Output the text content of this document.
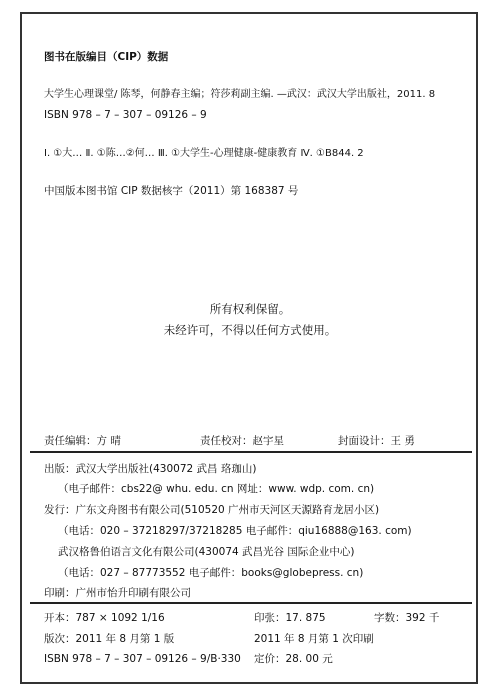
图书在版编目（CIP）数据
大学生心理课堂/ 陈琴，何静春主编；符莎莉副主编. —武汉：武汉大学出版社，2011. 8
ISBN 978 – 7 – 307 – 09126 – 9
Ⅰ. ①大… Ⅱ. ①陈…②何… Ⅲ. ①大学生-心理健康-健康教育 Ⅳ. ①B844. 2
中国版本图书馆 CIP 数据核字（2011）第 168387 号
所有权利保留。
未经许可，不得以任何方式使用。
责任编辑：方 晴	责任校对：赵宇星	封面设计：王 勇
出版：武汉大学出版社(430072 武昌 珞珈山)
（电子邮件：cbs22@ whu. edu. cn 网址：www. wdp. com. cn)
发行：广东文舟图书有限公司(510520 广州市天河区天源路育龙居小区)
（电话：020 – 37218297/37218285 电子邮件：qiu16888@163. com)
武汉格鲁伯语言文化有限公司(430074 武昌光谷 国际企业中心)
（电话：027 – 87773552 电子邮件：books@globepress. cn)
印刷：广州市怡升印刷有限公司
开本：787 × 1092 1/16	印张：17. 875	字数：392 千
版次：2011 年 8 月第 1 版	2011 年 8 月第 1 次印刷
ISBN 978 – 7 – 307 – 09126 – 9/B·330 定价：28. 00 元
